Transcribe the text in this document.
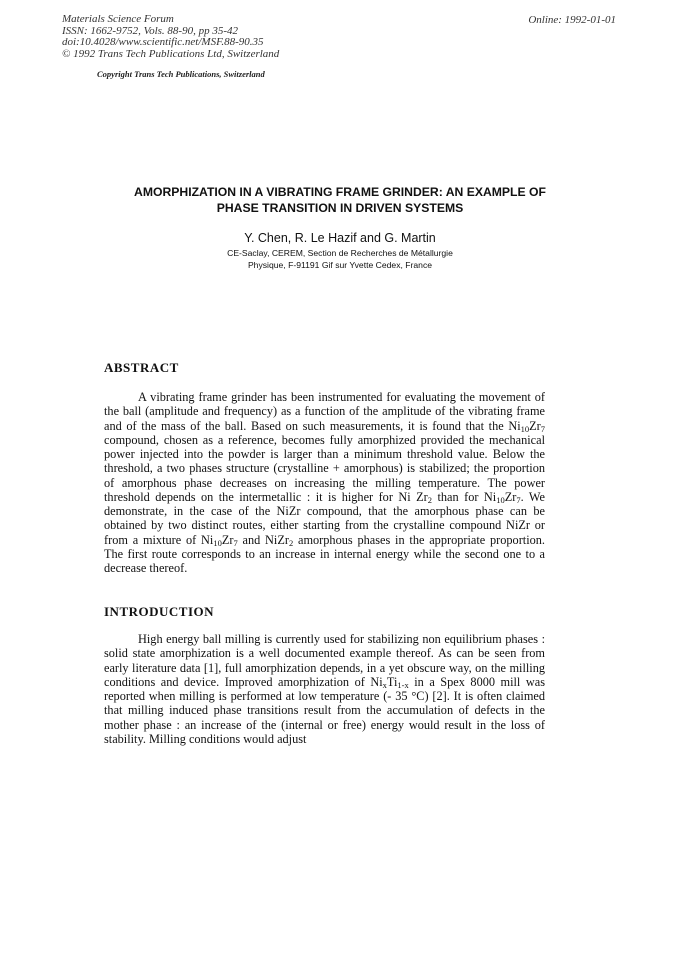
Materials Science Forum
ISSN: 1662-9752, Vols. 88-90, pp 35-42
doi:10.4028/www.scientific.net/MSF.88-90.35
© 1992 Trans Tech Publications Ltd, Switzerland
Online: 1992-01-01
Copyright Trans Tech Publications, Switzerland
AMORPHIZATION IN A VIBRATING FRAME GRINDER: AN EXAMPLE OF
PHASE TRANSITION IN DRIVEN SYSTEMS
Y. Chen, R. Le Hazif and G. Martin
CE-Saclay, CEREM, Section de Recherches de Métallurgie
Physique, F-91191 Gif sur Yvette Cedex, France
ABSTRACT

A vibrating frame grinder has been instrumented for evaluating the movement of the ball (amplitude and frequency) as a function of the amplitude of the vibrating frame and of the mass of the ball. Based on such measurements, it is found that the $Ni_{10}Zr_7$ compound, chosen as a reference, becomes fully amorphized provided the mechanical power injected into the powder is larger than a minimum threshold value. Below the threshold, a two phases structure (crystalline + amorphous) is stabilized; the proportion of amorphous phase decreases on increasing the milling temperature. The power threshold depends on the intermetallic : it is higher for Ni $Zr_2$ than for $Ni_{10}Zr_7$. We demonstrate, in the case of the NiZr compound, that the amorphous phase can be obtained by two distinct routes, either starting from the crystalline compound NiZr or from a mixture of $Ni_{10}Zr_7$ and NiZr$_2$ amorphous phases in the appropriate proportion. The first route corresponds to an increase in internal energy while the second one to a decrease thereof.

INTRODUCTION

High energy ball milling is currently used for stabilizing non equilibrium phases : solid state amorphization is a well documented example thereof. As can be seen from early literature data [1], full amorphization depends, in a yet obscure way, on the milling conditions and device. Improved amorphization of $Ni_xTi_{1-x}$ in a Spex 8000 mill was reported when milling is performed at low temperature (- 35 °C) [2]. It is often claimed that milling induced phase transitions result from the accumulation of defects in the mother phase : an increase of the (internal or free) energy would result in the loss of stability. Milling conditions would adjust
